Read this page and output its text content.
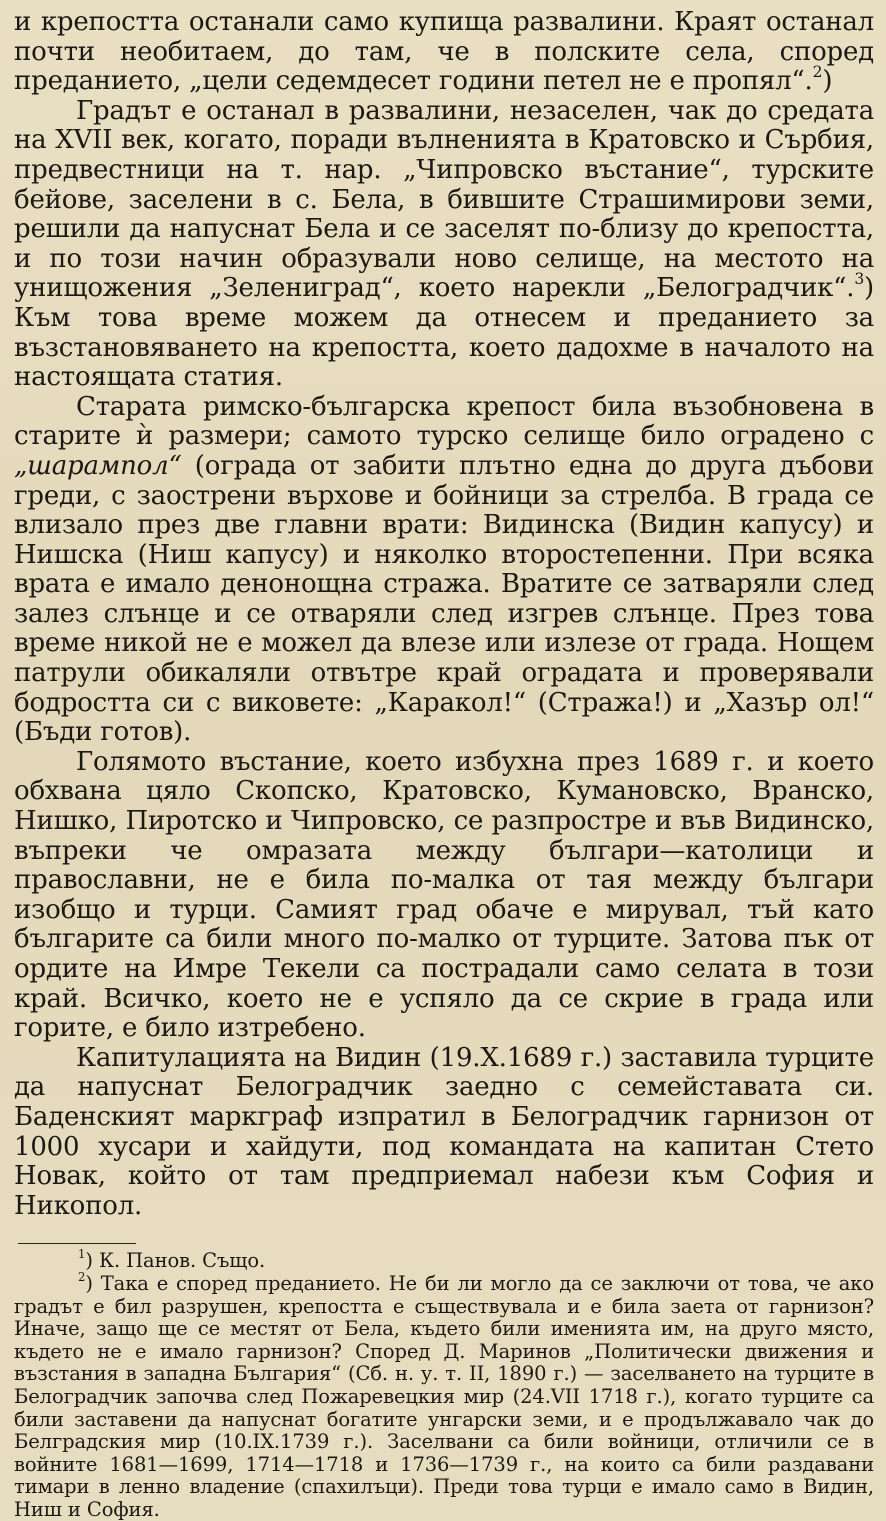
и крепостта останали само купища развалини. Краят останал почти необитаем, до там, че в полските села, според преданието, „цели седемдесет години петел не е пропял“.$^2$)

Градът е останал в развалини, незаселен, чак до средата на XVII век, когато, поради вълненията в Кратовско и Сърбия, предвестници на т. нар. „Чипровско въстание“, турските бейове, заселени в с. Бела, в бившите Страшимирови земи, решили да напуснат Бела и се заселят по-близу до крепостта, и по този начин образували ново селище, на местото на унищожения „Зелениград“, което нарекли „Белоградчик“.$^3$) Към това време можем да отнесем и преданието за възстановяването на крепостта, което дадохме в началото на настоящата статия.

Старата римско-българска крепост била възобновена в старите ѝ размери; самото турско селище било оградено с „шарампол“ (ограда от забити плътно една до друга дъбови греди, с заострени върхове и бойници за стрелба. В града се влизало през две главни врати: Видинска (Видин капусу) и Нишска (Ниш капусу) и няколко второстепенни. При всяка врата е имало денонощна стража. Вратите се затваряли след залез слънце и се отваряли след изгрев слънце. През това време никой не е можел да влезе или излезе от града. Нощем патрули обикаляли отвътре край оградата и проверявали бодростта си с виковете: „Каракол!“ (Стража!) и „Хазър ол!“ (Бъди готов).

Голямото въстание, което избухна през 1689 г. и което обхвана цяло Скопско, Кратовско, Кумановско, Вранско, Нишко, Пиротско и Чипровско, се разпростре и във Видинско, въпреки че омразата между българи—католици и православни, не е била по-малка от тая между българи изобщо и турци. Самият град обаче е мирувал, тъй като българите са били много по-малко от турците. Затова пък от ордите на Имре Текели са пострадали само селата в този край. Всичко, което не е успяло да се скрие в града или горите, е било изтребено.

Капитулацията на Видин (19.X.1689 г.) заставила турците да напуснат Белоградчик заедно с семейставата си. Баденският маркграф изпратил в Белоградчик гарнизон от 1000 хусари и хайдути, под командата на капитан Стето Новак, който от там предприемал набези към София и Никопол.

$^1$) К. Панов. Също.

$^2$) Така е според преданието. Не би ли могло да се заключи от това, че ако градът е бил разрушен, крепостта е съществувала и е била заета от гарнизон? Иначе, защо ще се местят от Бела, където били именията им, на друго място, където не е имало гарнизон? Според Д. Маринов „Политически движения и възстания в западна България“ (Сб. н. у. т. II, 1890 г.) — заселването на турците в Белоградчик започва след Пожаревецкия мир (24.VII 1718 г.), когато турците са били заставени да напуснат богатите унгарски земи, и е продължавало чак до Белградския мир (10.IX.1739 г.). Заселвани са били войници, отличили се в войните 1681—1699, 1714—1718 и 1736—1739 г., на които са били раздавани тимари в ленно владение (спахилъци). Преди това турци е имало само в Видин, Ниш и София.
